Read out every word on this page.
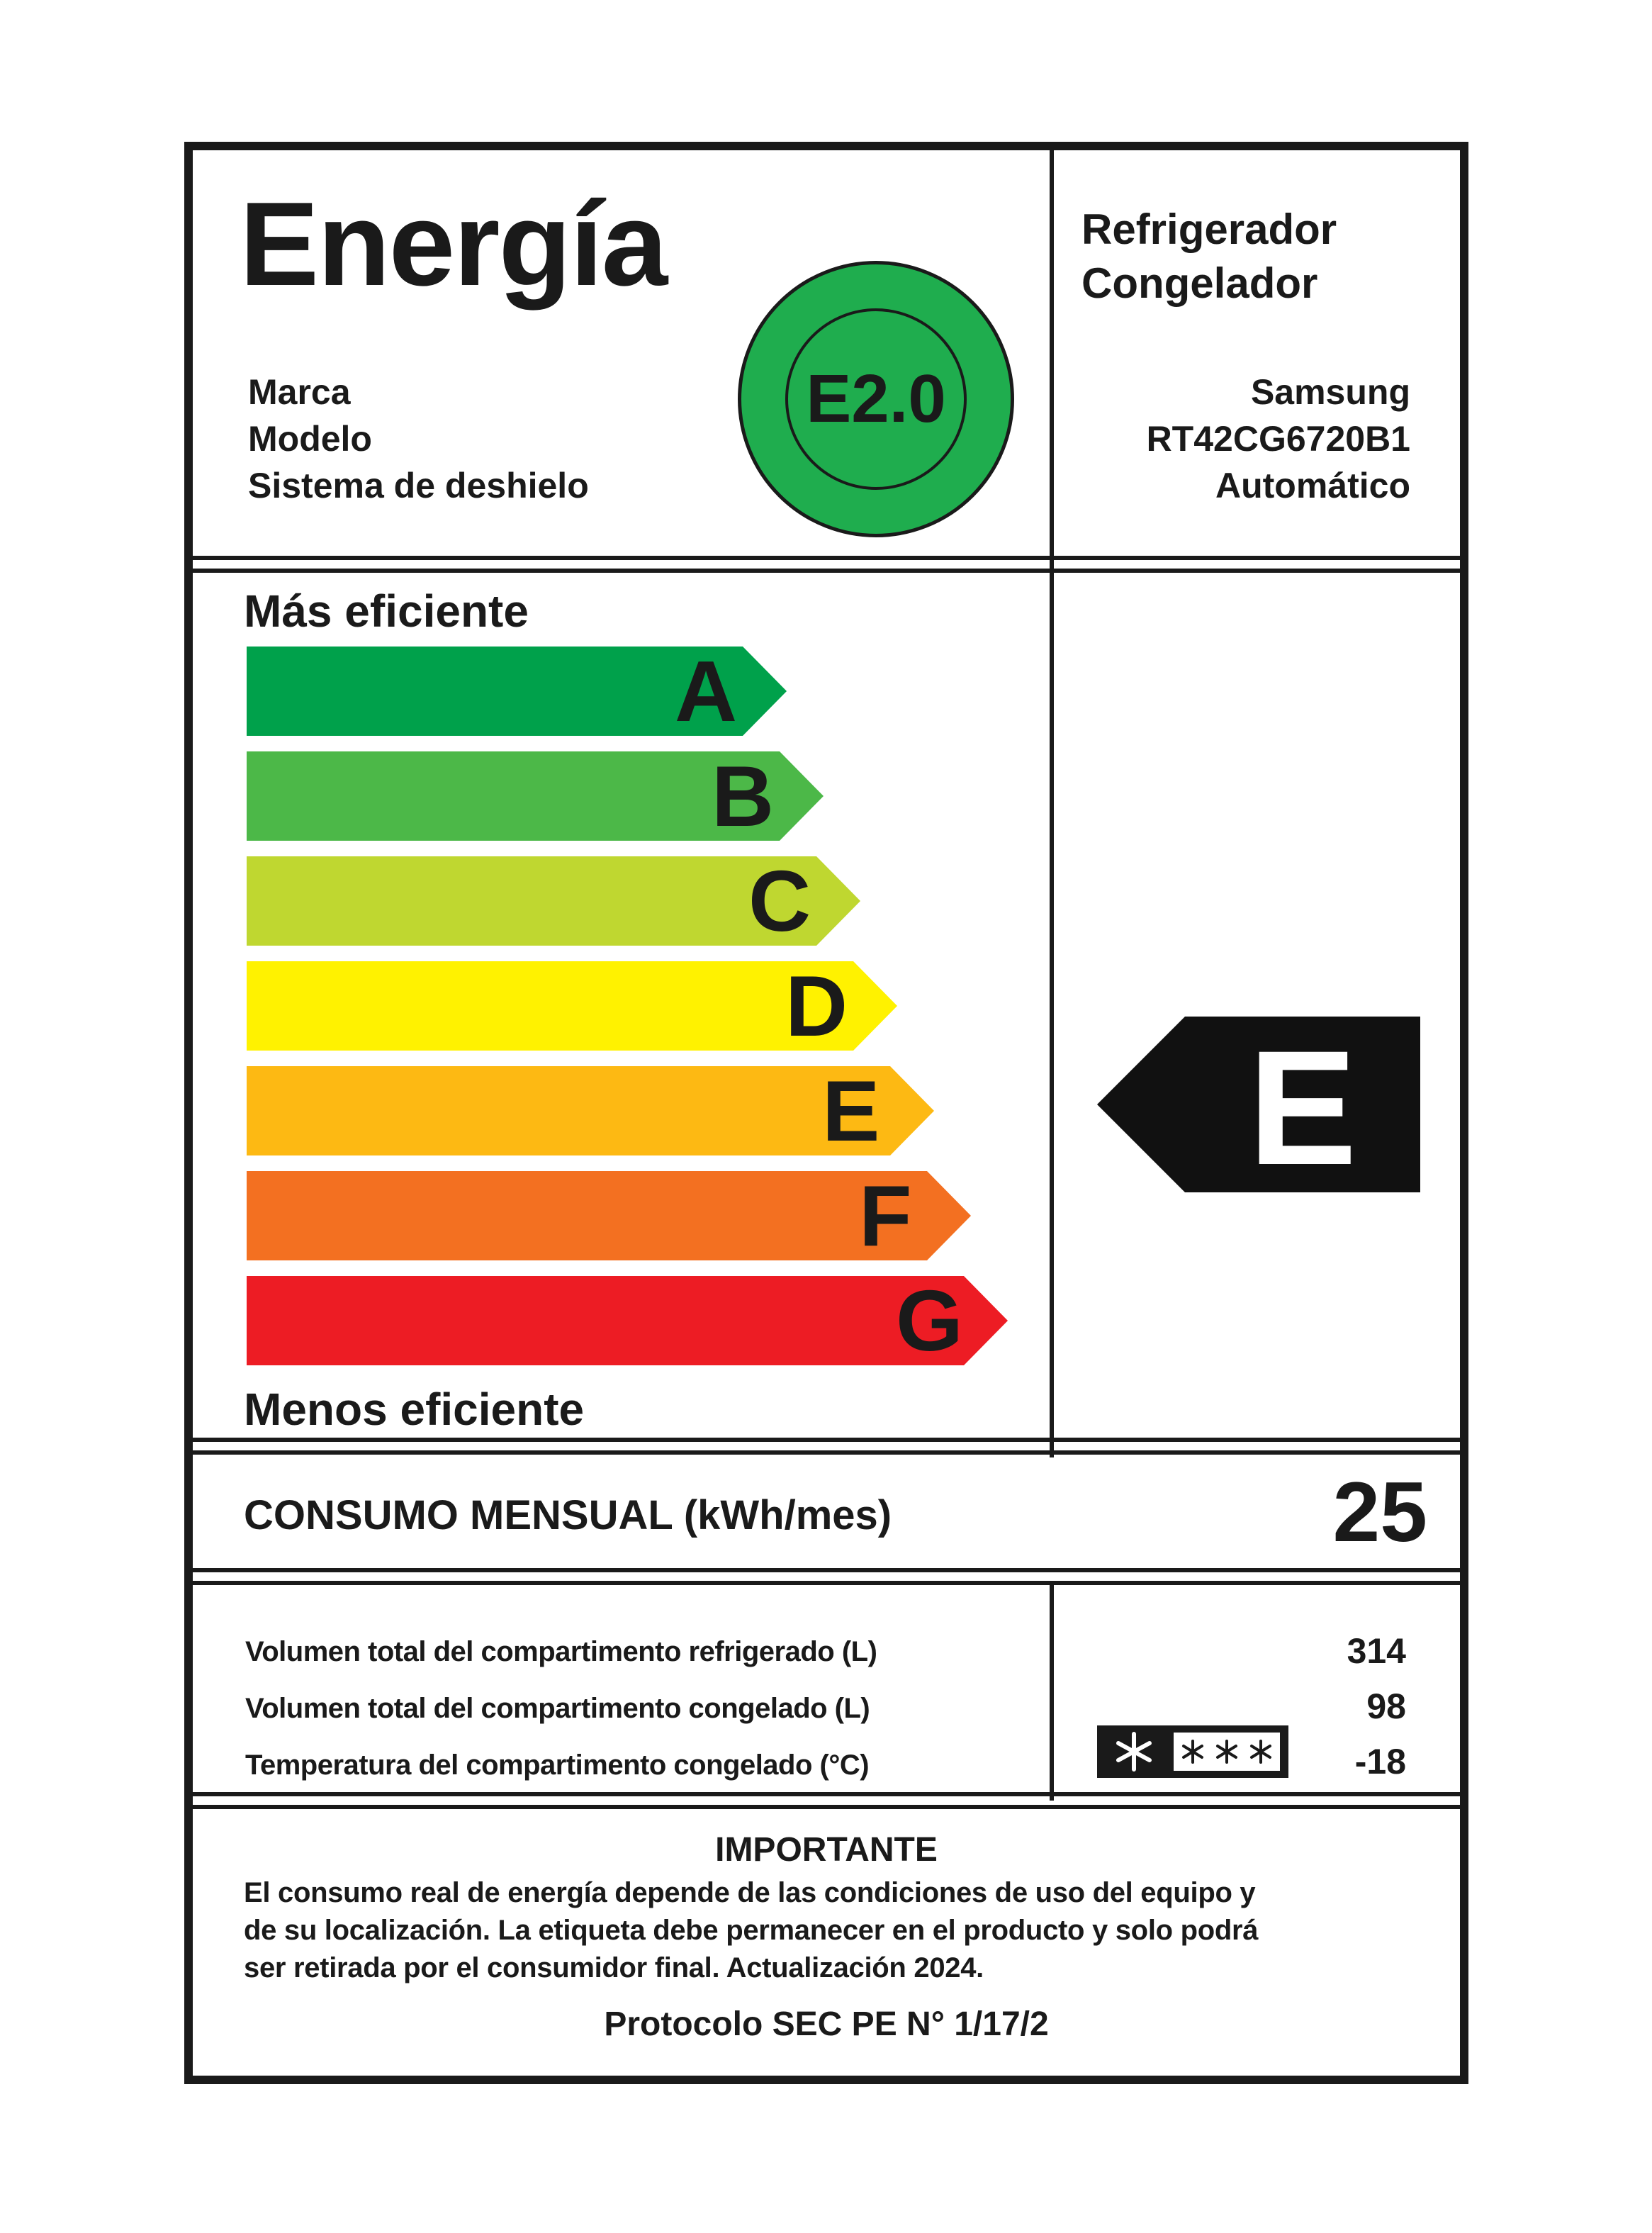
Energía	Refrigerador
Congelador
E2.0
Marca
Modelo
Sistema de deshielo
Samsung
RT42CG6720B1
Automático
Más eficiente
A
B
C
D
E
F
G
Menos eficiente
E
CONSUMO MENSUAL (kWh/mes)	25
Volumen total del compartimento refrigerado (L)
Volumen total del compartimento congelado (L)
Temperatura del compartimento congelado (°C)
314
98
-18
IMPORTANTE
El consumo real de energía depende de las condiciones de uso del equipo y
de su localización. La etiqueta debe permanecer en el producto y solo podrá
ser retirada por el consumidor final. Actualización 2024.
Protocolo SEC PE N° 1/17/2
